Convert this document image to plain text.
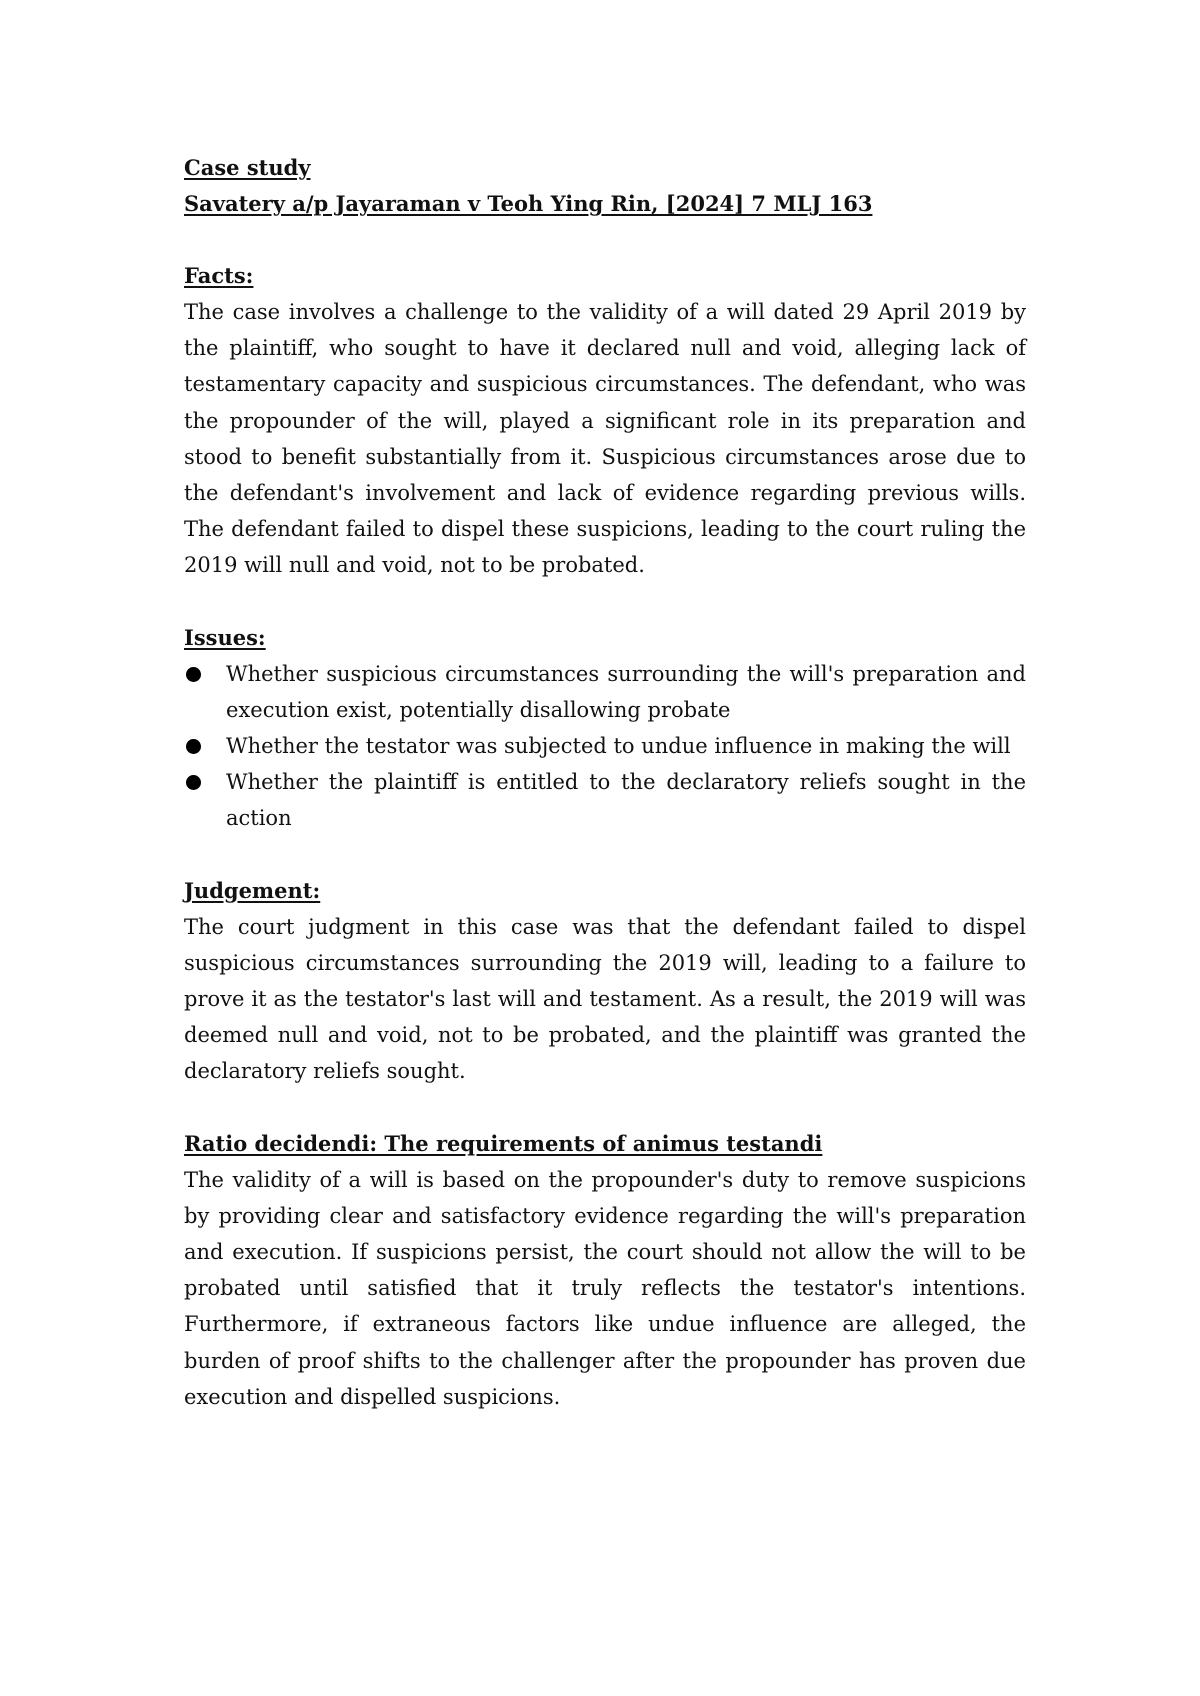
Case study

Savatery a/p Jayaraman v Teoh Ying Rin, [2024] 7 MLJ 163

Facts:

The case involves a challenge to the validity of a will dated 29 April 2019 by the plaintiff, who sought to have it declared null and void, alleging lack of testamentary capacity and suspicious circumstances. The defendant, who was the propounder of the will, played a significant role in its preparation and stood to benefit substantially from it. Suspicious circumstances arose due to the defendant's involvement and lack of evidence regarding previous wills. The defendant failed to dispel these suspicions, leading to the court ruling the 2019 will null and void, not to be probated.

Issues:

Whether suspicious circumstances surrounding the will's preparation and execution exist, potentially disallowing probate
Whether the testator was subjected to undue influence in making the will
Whether the plaintiff is entitled to the declaratory reliefs sought in the action

Judgement:

The court judgment in this case was that the defendant failed to dispel suspicious circumstances surrounding the 2019 will, leading to a failure to prove it as the testator's last will and testament. As a result, the 2019 will was deemed null and void, not to be probated, and the plaintiff was granted the declaratory reliefs sought.

Ratio decidendi: The requirements of animus testandi

The validity of a will is based on the propounder's duty to remove suspicions by providing clear and satisfactory evidence regarding the will's preparation and execution. If suspicions persist, the court should not allow the will to be probated until satisfied that it truly reflects the testator's intentions. Furthermore, if extraneous factors like undue influence are alleged, the burden of proof shifts to the challenger after the propounder has proven due execution and dispelled suspicions.
